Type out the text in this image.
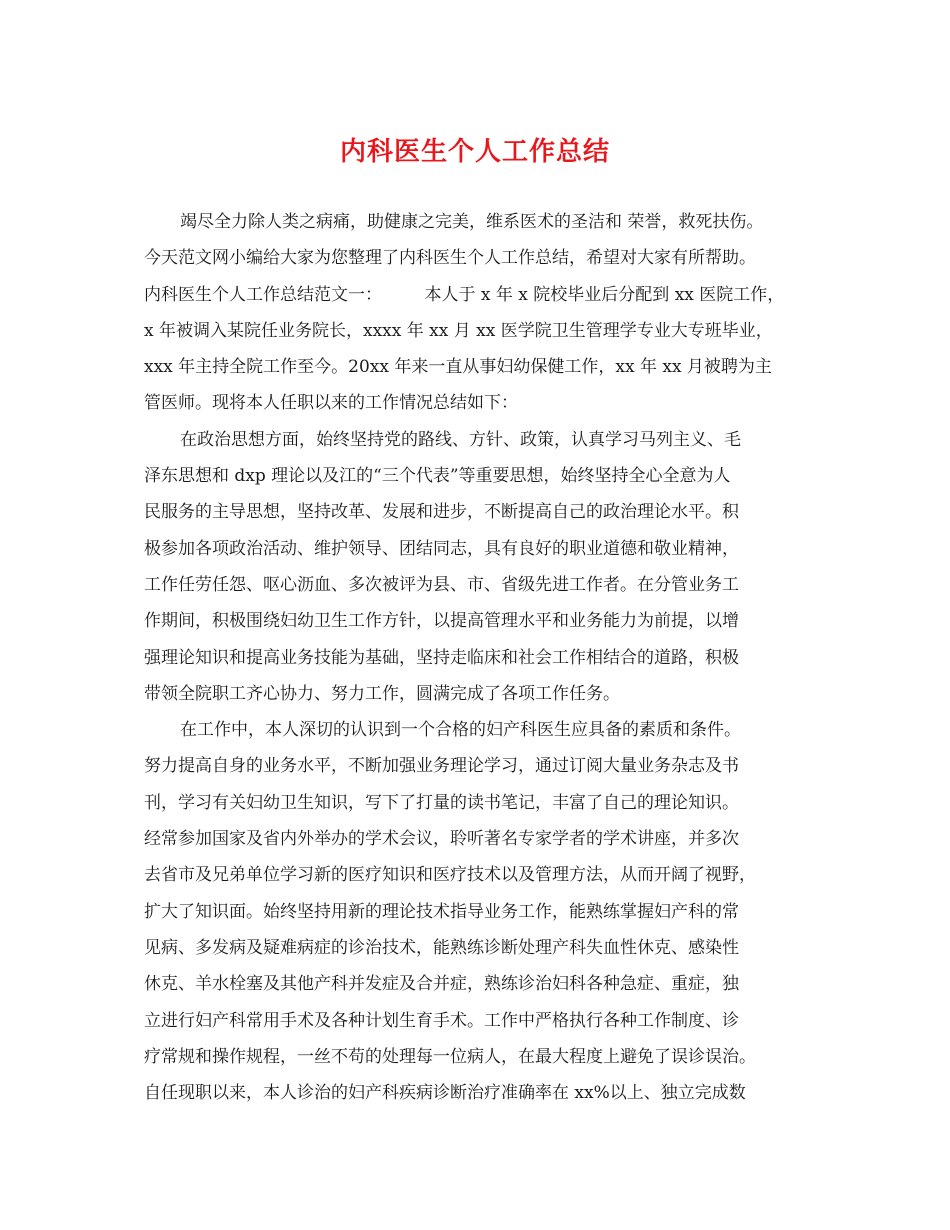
内科医生个人工作总结
竭尽全力除人类之病痛，助健康之完美，维系医术的圣洁和 荣誉，救死扶伤。
今天范文网小编给大家为您整理了内科医生个人工作总结，希望对大家有所帮助。
内科医生个人工作总结范文一：　　　本人于 x 年 x 院校毕业后分配到 xx 医院工作，
x 年被调入某院任业务院长，xxxx 年 xx 月 xx 医学院卫生管理学专业大专班毕业，
xxx 年主持全院工作至今。20xx 年来一直从事妇幼保健工作，xx 年 xx 月被聘为主
管医师。现将本人任职以来的工作情况总结如下：
在政治思想方面，始终坚持党的路线、方针、政策，认真学习马列主义、毛
泽东思想和 dxp 理论以及江的“三个代表”等重要思想，始终坚持全心全意为人
民服务的主导思想，坚持改革、发展和进步，不断提高自己的政治理论水平。积
极参加各项政治活动、维护领导、团结同志，具有良好的职业道德和敬业精神，
工作任劳任怨、呕心沥血、多次被评为县、市、省级先进工作者。在分管业务工
作期间，积极围绕妇幼卫生工作方针，以提高管理水平和业务能力为前提，以增
强理论知识和提高业务技能为基础，坚持走临床和社会工作相结合的道路，积极
带领全院职工齐心协力、努力工作，圆满完成了各项工作任务。
在工作中，本人深切的认识到一个合格的妇产科医生应具备的素质和条件。
努力提高自身的业务水平，不断加强业务理论学习，通过订阅大量业务杂志及书
刊，学习有关妇幼卫生知识，写下了打量的读书笔记，丰富了自己的理论知识。
经常参加国家及省内外举办的学术会议，聆听著名专家学者的学术讲座，并多次
去省市及兄弟单位学习新的医疗知识和医疗技术以及管理方法，从而开阔了视野，
扩大了知识面。始终坚持用新的理论技术指导业务工作，能熟练掌握妇产科的常
见病、多发病及疑难病症的诊治技术，能熟练诊断处理产科失血性休克、感染性
休克、羊水栓塞及其他产科并发症及合并症，熟练诊治妇科各种急症、重症，独
立进行妇产科常用手术及各种计划生育手术。工作中严格执行各种工作制度、诊
疗常规和操作规程，一丝不苟的处理每一位病人，在最大程度上避免了误诊误治。
自任现职以来，本人诊治的妇产科疾病诊断治疗准确率在 xx%以上、独立完成数
